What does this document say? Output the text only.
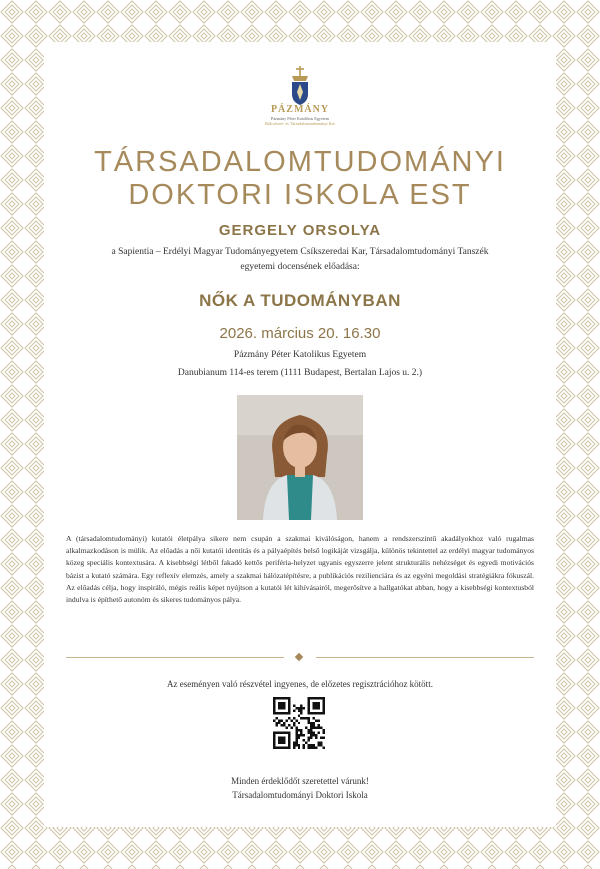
PÁZMÁNY
Pázmány Péter Katolikus Egyetem
Bölcsészet- és Társadalomtudományi Kar
TÁRSADALOMTUDOMÁNYI
DOKTORI ISKOLA EST
GERGELY ORSOLYA
a Sapientia – Erdélyi Magyar Tudományegyetem Csíkszeredai Kar, Társadalomtudományi Tanszék
egyetemi docensének előadása:
NŐK A TUDOMÁNYBAN
2026. március 20. 16.30
Pázmány Péter Katolikus Egyetem
Danubianum 114-es terem (1111 Budapest, Bertalan Lajos u. 2.)
A (társadalomtudományi) kutatói életpálya sikere nem csupán a szakmai kiválóságon, hanem a rendszerszintű akadályokhoz való rugalmas alkalmazkodáson is múlik. Az előadás a női kutatói identitás és a pályaépítés belső logikáját vizsgálja, különös tekintettel az erdélyi magyar tudományos közeg speciális kontextusára. A kisebbségi létből fakadó kettős periféria-helyzet ugyanis egyszerre jelent strukturális nehézséget és egyedi motivációs bázist a kutató számára. Egy reflexív elemzés, amely a szakmai hálózatépítésre, a publikációs rezilienciára és az egyéni megoldási stratégiákra fókuszál. Az előadás célja, hogy inspiráló, mégis reális képet nyújtson a kutatói lét kihívásairól, megerősítve a hallgatókat abban, hogy a kisebbségi kontextusból indulva is építhető autonóm és sikeres tudományos pálya.
Az eseményen való részvétel ingyenes, de előzetes regisztrációhoz kötött.
Minden érdeklődőt szeretettel várunk!
Társadalomtudományi Doktori Iskola
